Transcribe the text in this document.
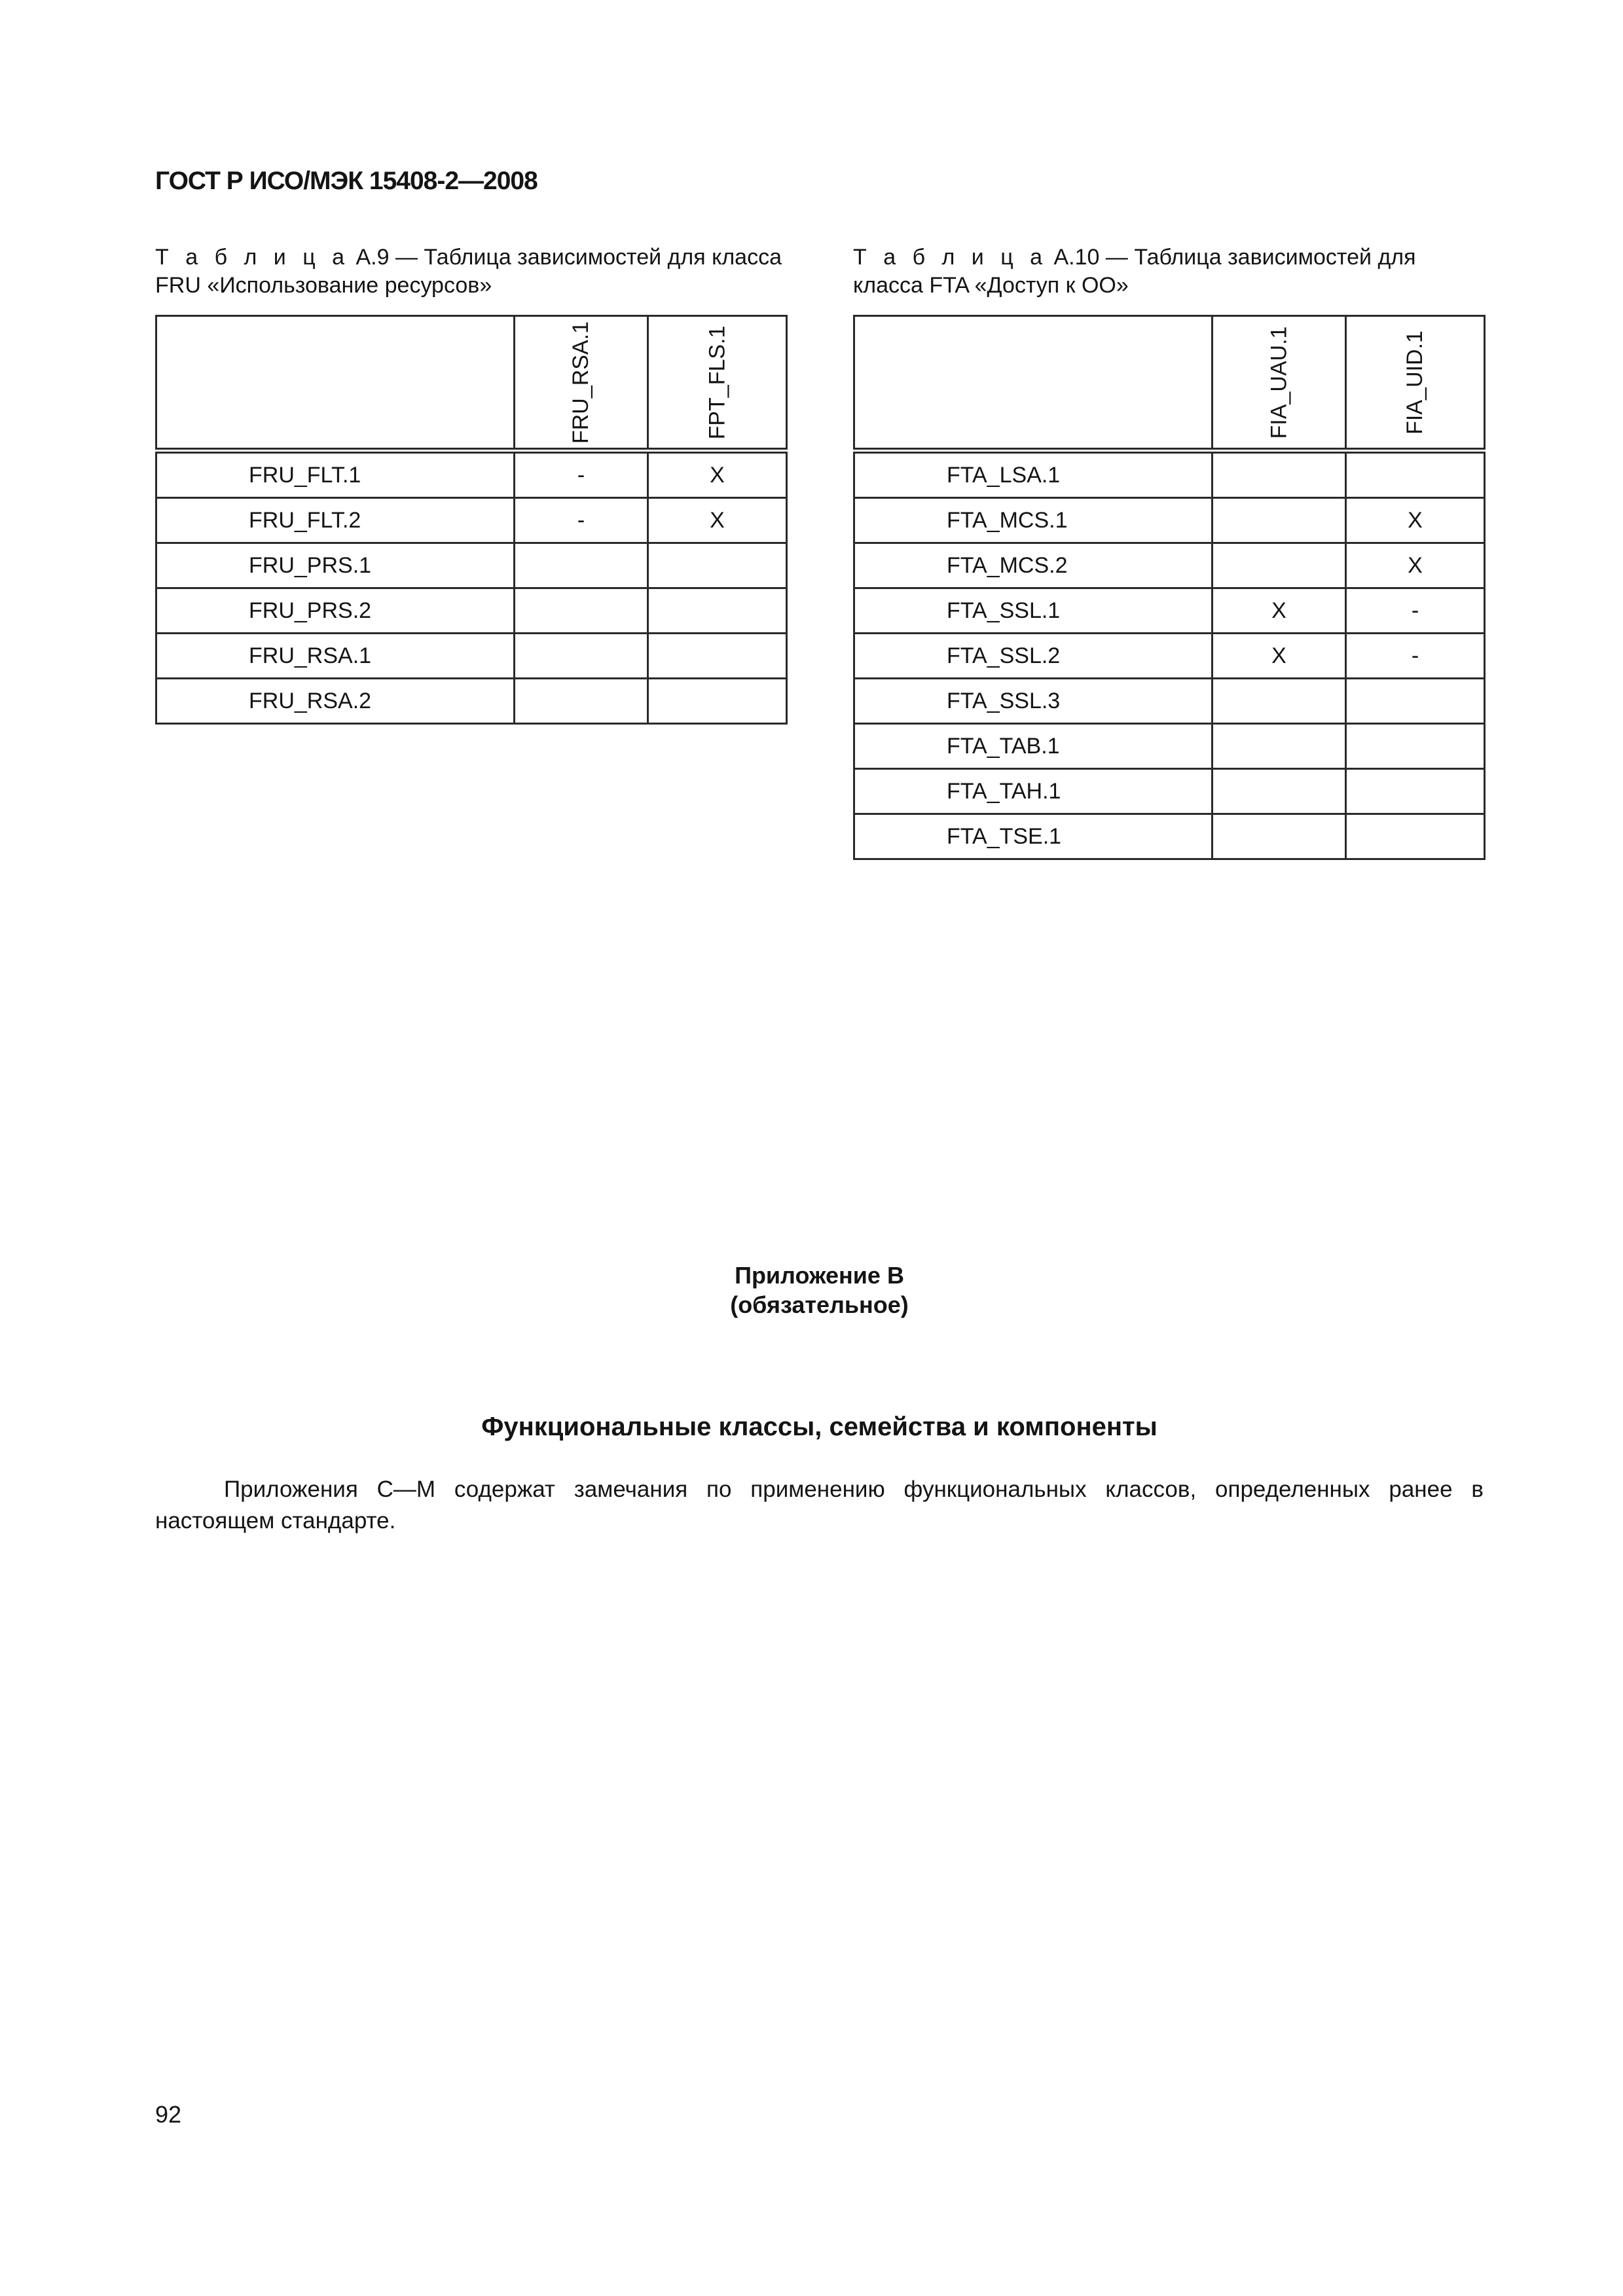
ГОСТ Р ИСО/МЭК 15408-2—2008
Т а б л и ц а А.9 — Таблица зависимостей для класса FRU «Использование ресурсов»
Т а б л и ц а А.10 — Таблица зависимостей для класса FTA «Доступ к ОО»
	FRU_RSA.1	FPT_FLS.1
FRU_FLT.1	-	X
FRU_FLT.2	-	X
FRU_PRS.1		
FRU_PRS.2		
FRU_RSA.1		
FRU_RSA.2		
	FIA_UAU.1	FIA_UID.1
FTA_LSA.1		
FTA_MCS.1		X
FTA_MCS.2		X
FTA_SSL.1	X	-
FTA_SSL.2	X	-
FTA_SSL.3		
FTA_TAB.1		
FTA_TAH.1		
FTA_TSE.1		
Приложение В
(обязательное)
Функциональные классы, семейства и компоненты
Приложения С—М содержат замечания по применению функциональных классов, определенных ранее в настоящем стандарте.
92
